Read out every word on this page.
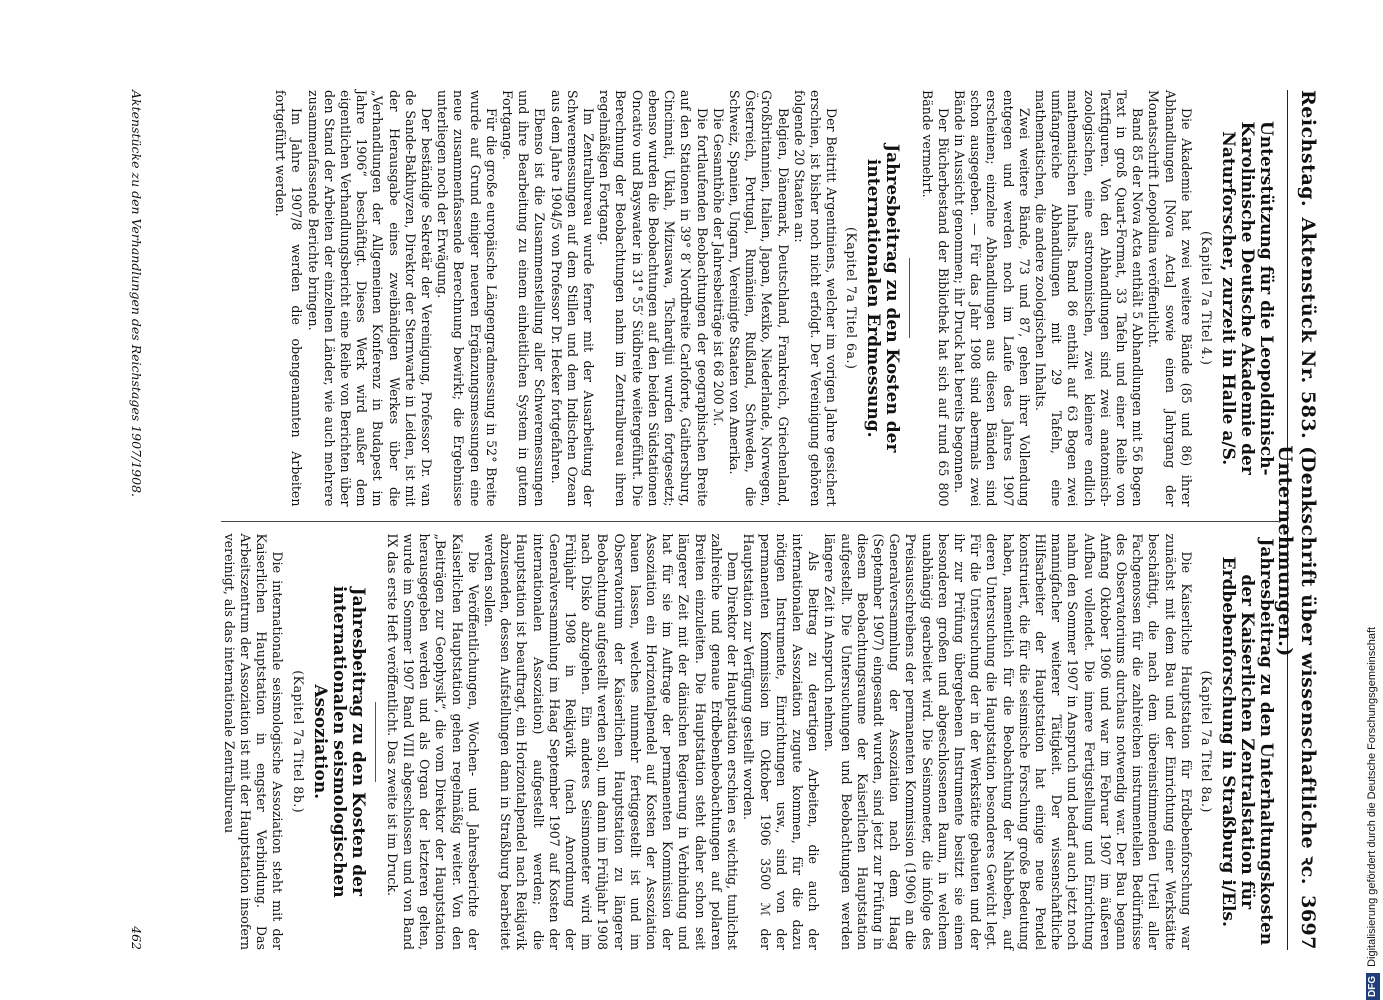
Reichstag.
Aktenstück Nr. 583. (Denkschrift über wissenschaftliche ꝛc. Unternehmungen.)
3697
Unterstützung für die Leopoldinisch-Karolinische Deutsche Akademie der Naturforscher, zurzeit in Halle a/S.
(Kapitel 7a Titel 4.)

Die Akademie hat zwei weitere Bände (85 und 86) ihrer Abhandlungen [Nova Acta] sowie einen Jahrgang der Monatsschrift Leopoldina veröffentlicht.

Band 85 der Nova Acta enthält 5 Abhandlungen mit 56 Bogen Text in groß Quart-Format, 33 Tafeln und einer Reihe von Textfiguren. Von den Abhandlungen sind zwei anatomisch-zoologischen, eine astronomischen, zwei kleinere endlich mathematischen Inhalts. Band 86 enthält auf 63 Bogen zwei umfangreiche Abhandlungen mit 29 Tafeln, eine mathematischen, die andere zoologischen Inhalts.

Zwei weitere Bände, 73 und 87, gehen ihrer Vollendung entgegen und werden noch im Laufe des Jahres 1907 erscheinen; einzelne Abhandlungen aus diesen Bänden sind schon ausgegeben. — Für das Jahr 1908 sind abermals zwei Bände in Aussicht genommen; ihr Druck hat bereits begonnen.

Der Bücherbestand der Bibliothek hat sich auf rund 65 800 Bände vermehrt.

Jahresbeitrag zu den Kosten der internationalen Erdmessung.
(Kapitel 7a Titel 6a.)

Der Beitritt Argentiniens, welcher im vorigen Jahre gesichert erschien, ist bisher noch nicht erfolgt. Der Vereinigung gehören folgende 20 Staaten an:

Belgien, Dänemark, Deutschland, Frankreich, Griechenland, Großbritannien, Italien, Japan, Mexiko, Niederlande, Norwegen, Österreich, Portugal, Rumänien, Rußland, Schweden, die Schweiz, Spanien, Ungarn, Vereinigte Staaten von Amerika.

Die Gesamthöhe der Jahresbeiträge ist 68 200 ℳ.

Die fortlaufenden Beobachtungen der geographischen Breite auf den Stationen in 39° 8′ Nordbreite Carloforte, Gaithersburg, Cincinnati, Ukiah, Mizusawa, Tschardjui wurden fortgesetzt; ebenso wurden die Beobachtungen auf den beiden Südstationen Oncativo und Bayswater in 31° 55′ Südbreite weitergeführt. Die Berechnung der Beobachtungen nahm im Zentralbureau ihren regelmäßigen Fortgang.

Im Zentralbureau wurde ferner mit der Ausarbeitung der Schweremessungen auf dem Stillen und dem Indischen Ozean aus dem Jahre 1904/5 von Professor Dr. Hecker fortgefahren.

Ebenso ist die Zusammenstellung aller Schweremessungen und ihre Bearbeitung zu einem einheitlichen System in gutem Fortgange.

Für die große europäische Längengradmessung in 52° Breite wurde auf Grund einiger neueren Ergänzungsmessungen eine neue zusammenfassende Berechnung bewirkt; die Ergebnisse unterliegen noch der Erwägung.

Der beständige Sekretär der Vereinigung, Professor Dr. van de Sande-Bakhuyzen, Direktor der Sternwarte in Leiden, ist mit der Herausgabe eines zweibändigen Werkes über die „Verhandlungen der Allgemeinen Konferenz in Budapest im Jahre 1906“ beschäftigt. Dieses Werk wird außer dem eigentlichen Verhandlungsbericht eine Reihe von Berichten über den Stand der Arbeiten der einzelnen Länder, wie auch mehrere zusammenfassende Berichte bringen.

Im Jahre 1907/8 werden die obengenannten Arbeiten fortgeführt werden.

Jahresbeitrag zu den Unterhaltungskosten der Kaiserlichen Zentralstation für Erdbebenforschung in Straßburg i/Els.
(Kapitel 7a Titel 8a.)

Die Kaiserliche Hauptstation für Erdbebenforschung war zunächst mit dem Bau und der Einrichtung einer Werkstätte beschäftigt, die nach dem übereinstimmenden Urteil aller Fachgenossen für die zahlreichen instrumentellen Bedürfnisse des Observatoriums durchaus notwendig war. Der Bau begann Anfang Oktober 1906 und war im Februar 1907 im äußeren Aufbau vollendet. Die innere Fertigstellung und Einrichtung nahm den Sommer 1907 in Anspruch und bedarf auch jetzt noch mannigfacher weiterer Tätigkeit. Der wissenschaftliche Hilfsarbeiter der Hauptstation hat einige neue Pendel konstruiert, die für die seismische Forschung große Bedeutung haben, namentlich für die Beobachtung der Nahbeben, auf deren Untersuchung die Hauptstation besonderes Gewicht legt. Für die Untersuchung der in der Werkstätte gebauten und der ihr zur Prüfung übergebenen Instrumente besitzt sie einen besonderen großen und abgeschlossenen Raum, in welchem unabhängig gearbeitet wird. Die Seismometer, die infolge des Preisausschreibens der permanenten Kommission (1906) an die Generalversammlung der Assoziation nach dem Haag (September 1907) eingesandt wurden, sind jetzt zur Prüfung in diesem Beobachtungsraume der Kaiserlichen Hauptstation aufgestellt. Die Untersuchungen und Beobachtungen werden längere Zeit in Anspruch nehmen.

Als Beitrag zu derartigen Arbeiten, die auch der internationalen Assoziation zugute kommen, für die dazu nötigen Instrumente, Einrichtungen usw., sind von der permanenten Kommission im Oktober 1906 3500 ℳ der Hauptstation zur Verfügung gestellt worden.

Dem Direktor der Hauptstation erschien es wichtig, tunlichst zahlreiche und genaue Erdbebenbeobachtungen auf polaren Breiten einzuleiten. Die Hauptstation steht daher schon seit längerer Zeit mit der dänischen Regierung in Verbindung und hat für sie im Auftrage der permanenten Kommission der Assoziation ein Horizontalpendel auf Kosten der Assoziation bauen lassen, welches nunmehr fertiggestellt ist und im Observatorium der Kaiserlichen Hauptstation zu längerer Beobachtung aufgestellt werden soll, um dann im Frühjahr 1908 nach Disko abzugehen. Ein anderes Seismometer wird im Frühjahr 1908 in Reikjavik (nach Anordnung der Generalversammlung im Haag September 1907 auf Kosten der internationalen Assoziation) aufgestellt werden; die Hauptstation ist beauftragt, ein Horizontalpendel nach Reikjavik abzusenden, dessen Aufstellungen dann in Straßburg bearbeitet werden sollen.

Die Veröffentlichungen, Wochen- und Jahresberichte der Kaiserlichen Hauptstation gehen regelmäßig weiter. Von den „Beiträgen zur Geophysik“, die vom Direktor der Hauptstation herausgegeben werden und als Organ der letzteren gelten, wurde im Sommer 1907 Band VIII abgeschlossen und von Band IX das erste Heft veröffentlicht. Das zweite ist im Druck.

Jahresbeitrag zu den Kosten der internationalen seismologischen Assoziation.
(Kapitel 7a Titel 8b.)

Die internationale seismologische Assoziation steht mit der Kaiserlichen Hauptstation in engster Verbindung. Das Arbeitszentrum der Assoziation ist mit der Hauptstation insofern vereinigt, als das internationale Zentralbureau

Aktenstücke zu den Verhandlungen des Reichstages 1907/1908.
462
DFG
Digitalisierung gefördert durch die Deutsche Forschungsgemeinschaft
